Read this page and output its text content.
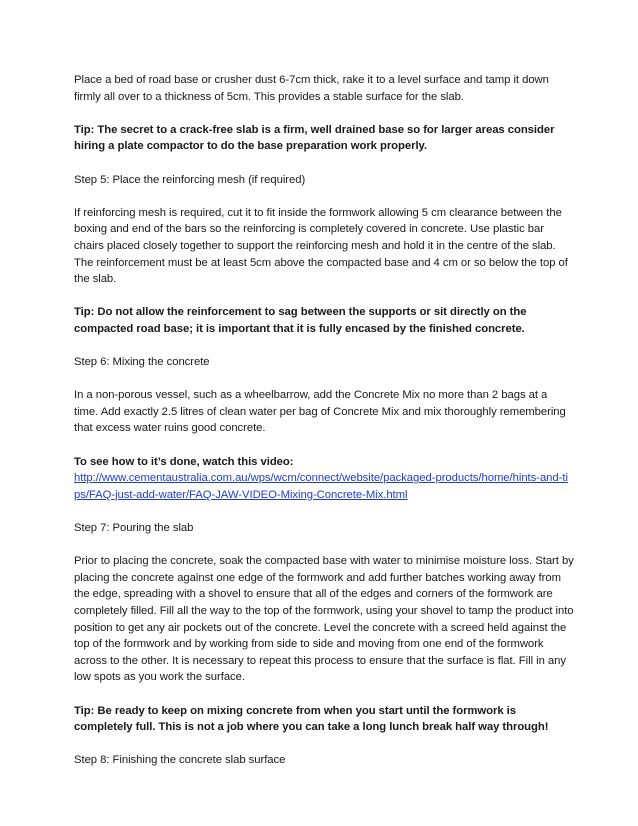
Place a bed of road base or crusher dust 6-7cm thick, rake it to a level surface and tamp it down firmly all over to a thickness of 5cm. This provides a stable surface for the slab.

Tip: The secret to a crack-free slab is a firm, well drained base so for larger areas consider hiring a plate compactor to do the base preparation work properly.

Step 5: Place the reinforcing mesh (if required)

If reinforcing mesh is required, cut it to fit inside the formwork allowing 5 cm clearance between the boxing and end of the bars so the reinforcing is completely covered in concrete. Use plastic bar chairs placed closely together to support the reinforcing mesh and hold it in the centre of the slab. The reinforcement must be at least 5cm above the compacted base and 4 cm or so below the top of the slab.

Tip: Do not allow the reinforcement to sag between the supports or sit directly on the compacted road base; it is important that it is fully encased by the finished concrete.

Step 6: Mixing the concrete

In a non-porous vessel, such as a wheelbarrow, add the Concrete Mix no more than 2 bags at a time. Add exactly 2.5 litres of clean water per bag of Concrete Mix and mix thoroughly remembering that excess water ruins good concrete.

To see how to it’s done, watch this video:
http://www.cementaustralia.com.au/wps/wcm/connect/website/packaged-products/home/hints-and-tips/FAQ-just-add-water/FAQ-JAW-VIDEO-Mixing-Concrete-Mix.html

Step 7: Pouring the slab

Prior to placing the concrete, soak the compacted base with water to minimise moisture loss. Start by placing the concrete against one edge of the formwork and add further batches working away from the edge, spreading with a shovel to ensure that all of the edges and corners of the formwork are completely filled. Fill all the way to the top of the formwork, using your shovel to tamp the product into position to get any air pockets out of the concrete. Level the concrete with a screed held against the top of the formwork and by working from side to side and moving from one end of the formwork across to the other. It is necessary to repeat this process to ensure that the surface is flat. Fill in any low spots as you work the surface.

Tip: Be ready to keep on mixing concrete from when you start until the formwork is completely full. This is not a job where you can take a long lunch break half way through!

Step 8: Finishing the concrete slab surface
